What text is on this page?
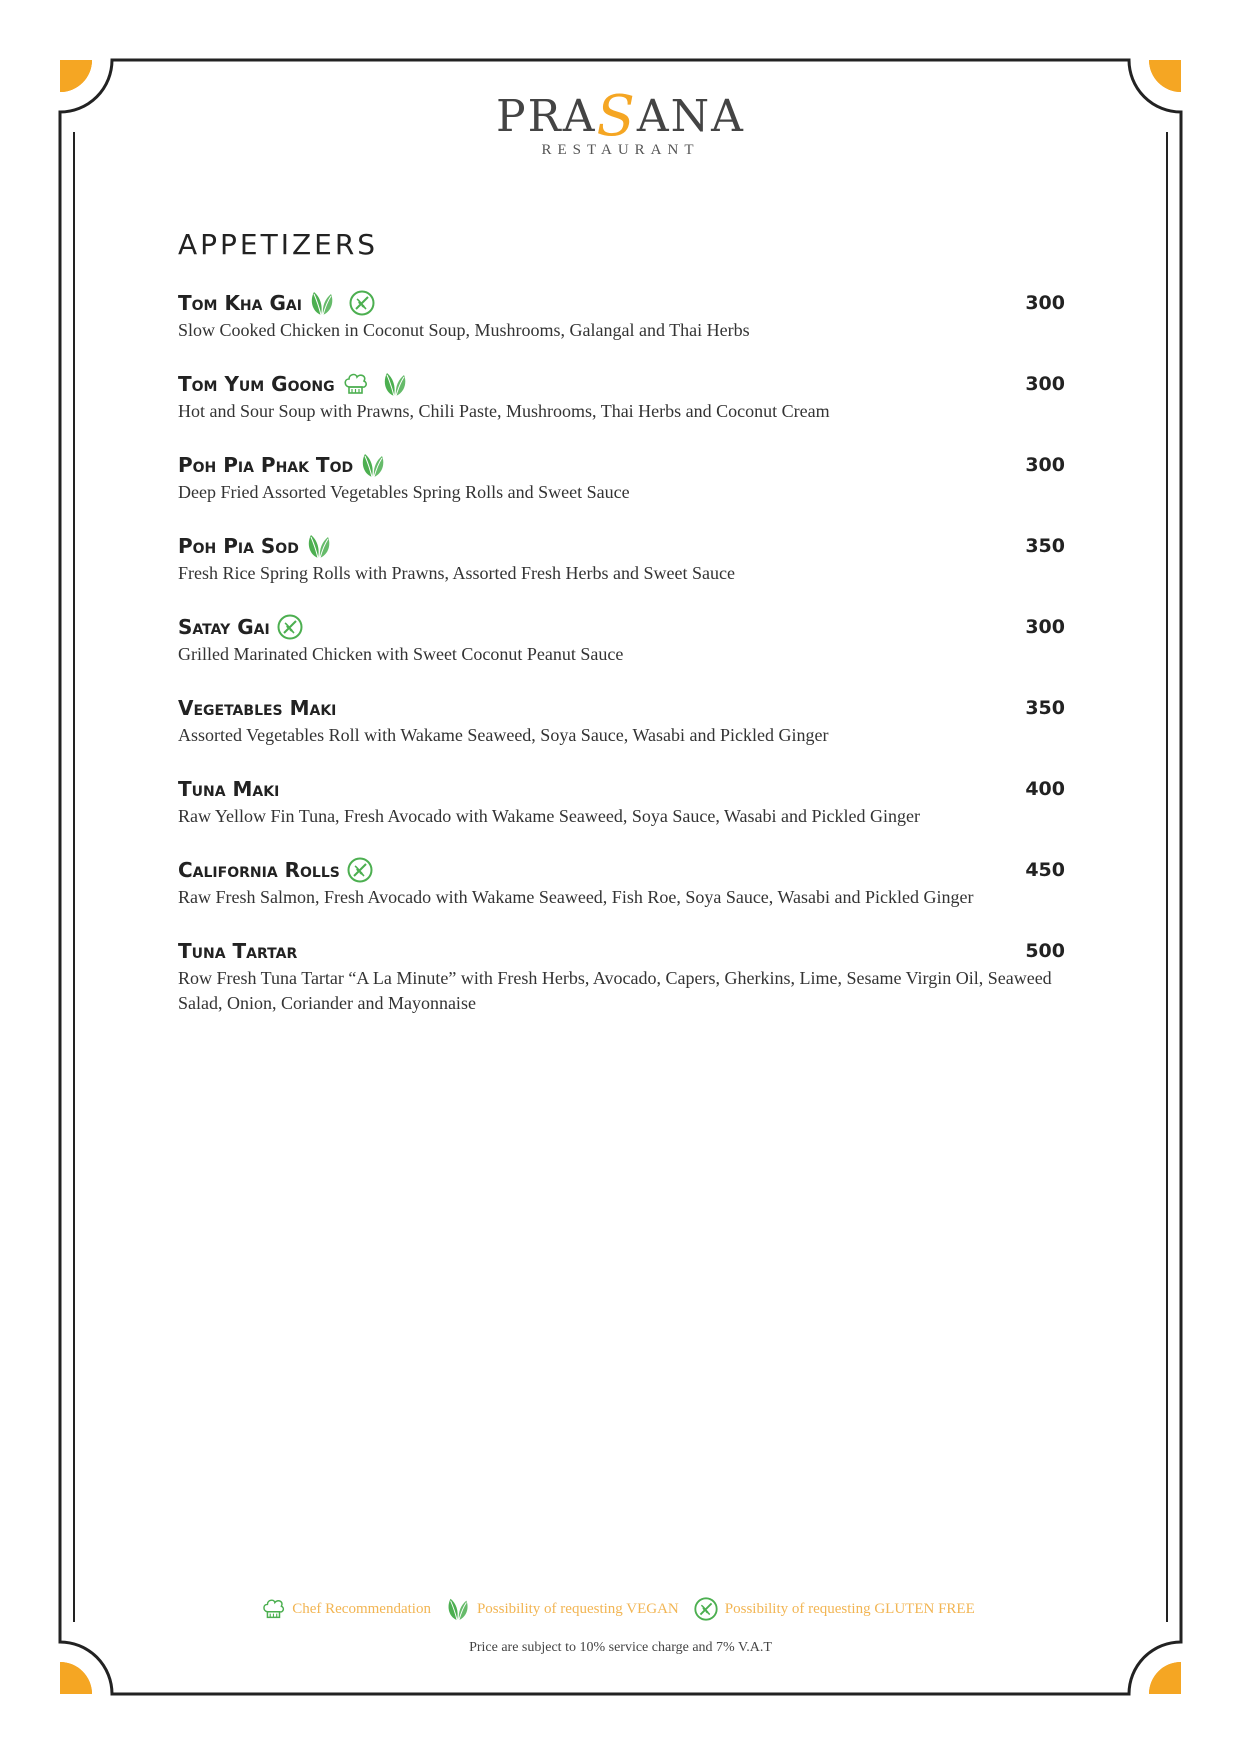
PRASANA
RESTAURANT
APPETIZERS
Tom Kha Gai	300
Slow Cooked Chicken in Coconut Soup, Mushrooms, Galangal and Thai Herbs
Tom Yum Goong	300
Hot and Sour Soup with Prawns, Chili Paste, Mushrooms, Thai Herbs and Coconut Cream
Poh Pia Phak Tod	300
Deep Fried Assorted Vegetables Spring Rolls and Sweet Sauce
Poh Pia Sod	350
Fresh Rice Spring Rolls with Prawns, Assorted Fresh Herbs and Sweet Sauce
Satay Gai	300
Grilled Marinated Chicken with Sweet Coconut Peanut Sauce
Vegetables Maki	350
Assorted Vegetables Roll with Wakame Seaweed, Soya Sauce, Wasabi and Pickled Ginger
Tuna Maki	400
Raw Yellow Fin Tuna, Fresh Avocado with Wakame Seaweed, Soya Sauce, Wasabi and Pickled Ginger
California Rolls	450
Raw Fresh Salmon, Fresh Avocado with Wakame Seaweed, Fish Roe, Soya Sauce, Wasabi and Pickled Ginger
Tuna Tartar	500
Row Fresh Tuna Tartar “A La Minute” with Fresh Herbs, Avocado, Capers, Gherkins, Lime, Sesame Virgin Oil, Seaweed Salad, Onion, Coriander and Mayonnaise
Chef Recommendation	Possibility of requesting VEGAN	Possibility of requesting GLUTEN FREE
Price are subject to 10% service charge and 7% V.A.T
